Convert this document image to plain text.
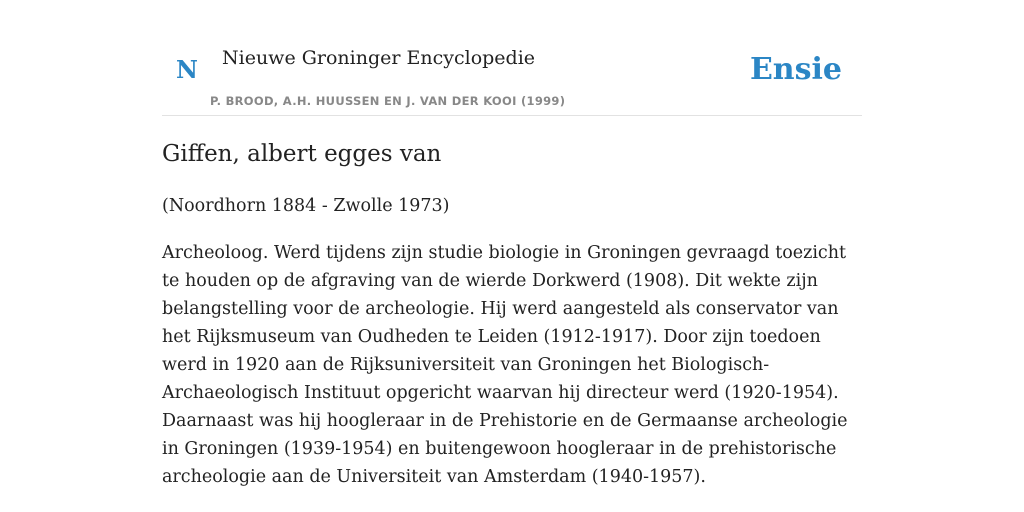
N Nieuwe Groninger Encyclopedie
P. BROOD, A.H. HUUSSEN EN J. VAN DER KOOI (1999)
Ensie
Giffen, albert egges van

(Noordhorn 1884 - Zwolle 1973)

Archeoloog. Werd tijdens zijn studie biologie in Groningen gevraagd toezicht te houden op de afgraving van de wierde Dorkwerd (1908). Dit wekte zijn belangstelling voor de archeologie. Hij werd aangesteld als conservator van het Rijksmuseum van Oudheden te Leiden (1912-1917). Door zijn toedoen werd in 1920 aan de Rijksuniversiteit van Groningen het Biologisch-Archaeologisch Instituut opgericht waarvan hij directeur werd (1920-1954). Daarnaast was hij hoogleraar in de Prehistorie en de Germaanse archeologie in Groningen (1939-1954) en buitengewoon hoogleraar in de prehistorische archeologie aan de Universiteit van Amsterdam (1940-1957).
